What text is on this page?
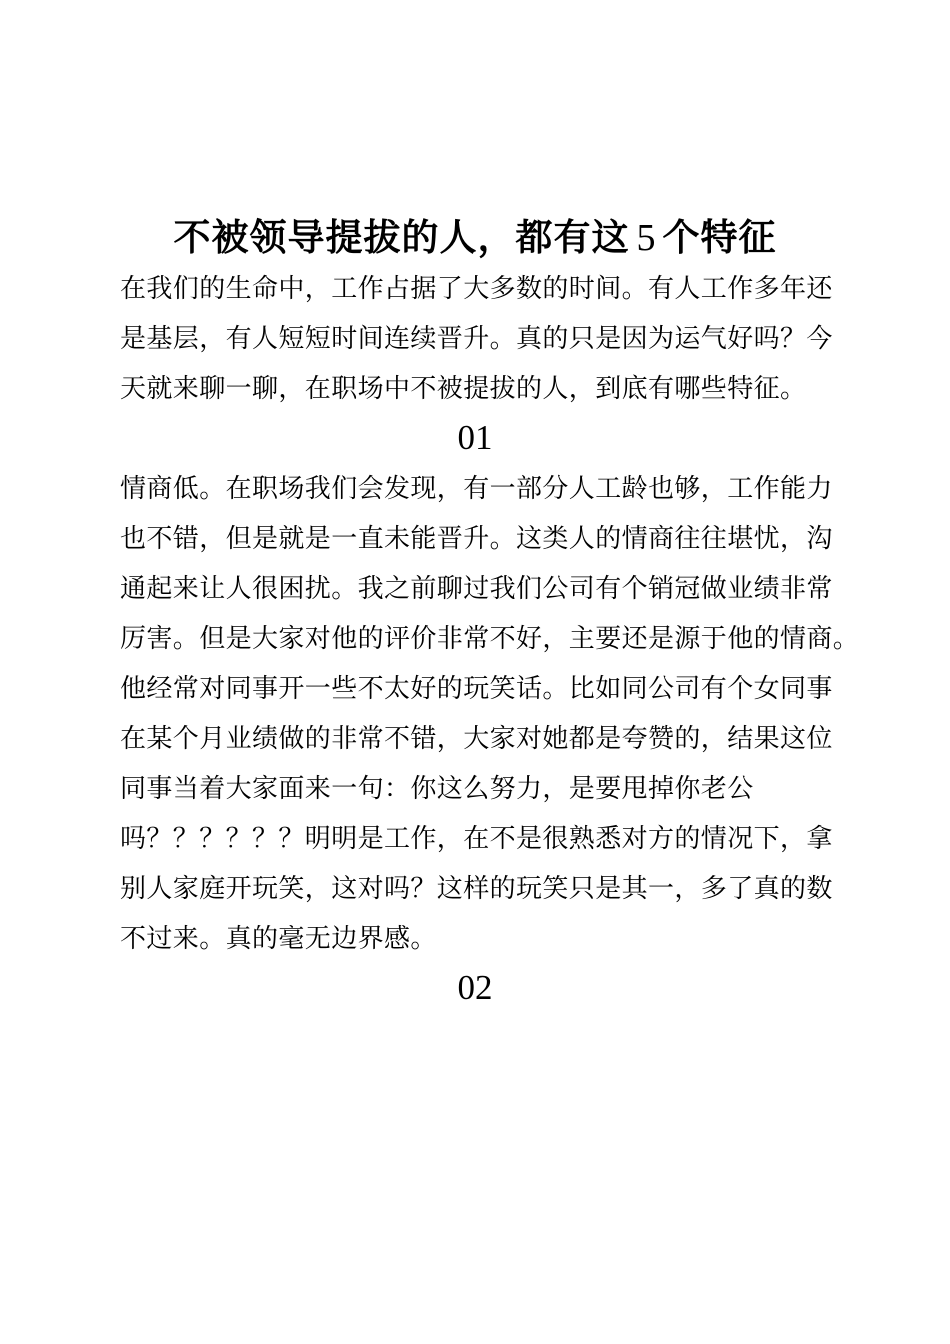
不被领导提拔的人，都有这 5 个特征
在我们的生命中，工作占据了大多数的时间。有人工作多年还
是基层，有人短短时间连续晋升。真的只是因为运气好吗？今
天就来聊一聊，在职场中不被提拔的人，到底有哪些特征。
01
情商低。在职场我们会发现，有一部分人工龄也够，工作能力
也不错，但是就是一直未能晋升。这类人的情商往往堪忧，沟
通起来让人很困扰。我之前聊过我们公司有个销冠做业绩非常
厉害。但是大家对他的评价非常不好，主要还是源于他的情商。
他经常对同事开一些不太好的玩笑话。比如同公司有个女同事
在某个月业绩做的非常不错，大家对她都是夸赞的，结果这位
同事当着大家面来一句：你这么努力，是要甩掉你老公
吗？？？？？？明明是工作，在不是很熟悉对方的情况下，拿
别人家庭开玩笑，这对吗？这样的玩笑只是其一，多了真的数
不过来。真的毫无边界感。
02
